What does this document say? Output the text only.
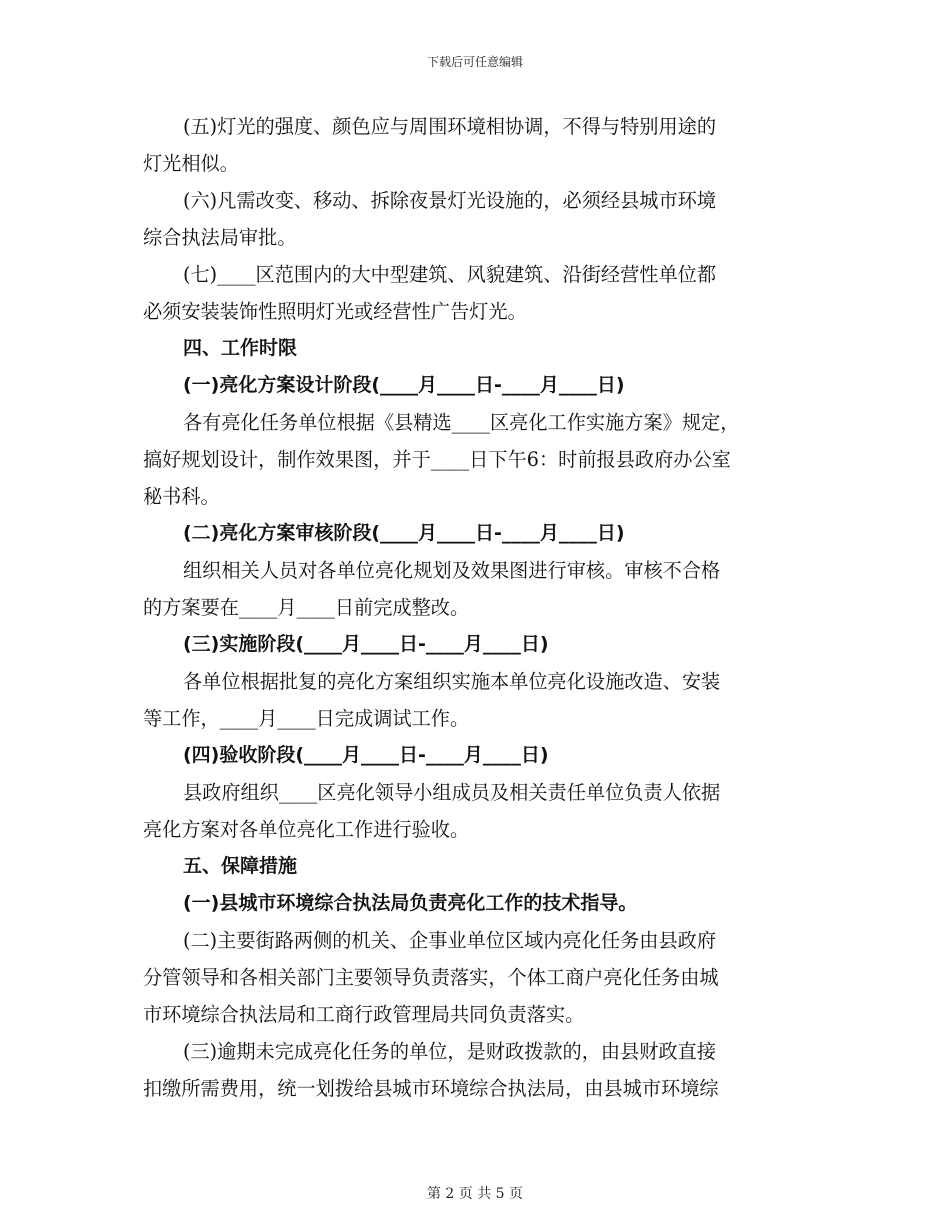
下载后可任意编辑
(五)灯光的强度、颜色应与周围环境相协调，不得与特别用途的
灯光相似。
(六)凡需改变、移动、拆除夜景灯光设施的，必须经县城市环境
综合执法局审批。
(七)____区范围内的大中型建筑、风貌建筑、沿街经营性单位都
必须安装装饰性照明灯光或经营性广告灯光。
四、工作时限
(一)亮化方案设计阶段(____月____日-____月____日)
各有亮化任务单位根据《县精选____区亮化工作实施方案》规定，
搞好规划设计，制作效果图，并于____日下午6：时前报县政府办公室
秘书科。
(二)亮化方案审核阶段(____月____日-____月____日)
组织相关人员对各单位亮化规划及效果图进行审核。审核不合格
的方案要在____月____日前完成整改。
(三)实施阶段(____月____日-____月____日)
各单位根据批复的亮化方案组织实施本单位亮化设施改造、安装
等工作，____月____日完成调试工作。
(四)验收阶段(____月____日-____月____日)
县政府组织____区亮化领导小组成员及相关责任单位负责人依据
亮化方案对各单位亮化工作进行验收。
五、保障措施
(一)县城市环境综合执法局负责亮化工作的技术指导。
(二)主要街路两侧的机关、企事业单位区域内亮化任务由县政府
分管领导和各相关部门主要领导负责落实，个体工商户亮化任务由城
市环境综合执法局和工商行政管理局共同负责落实。
(三)逾期未完成亮化任务的单位，是财政拨款的，由县财政直接
扣缴所需费用，统一划拨给县城市环境综合执法局，由县城市环境综
第 2 页 共 5 页
